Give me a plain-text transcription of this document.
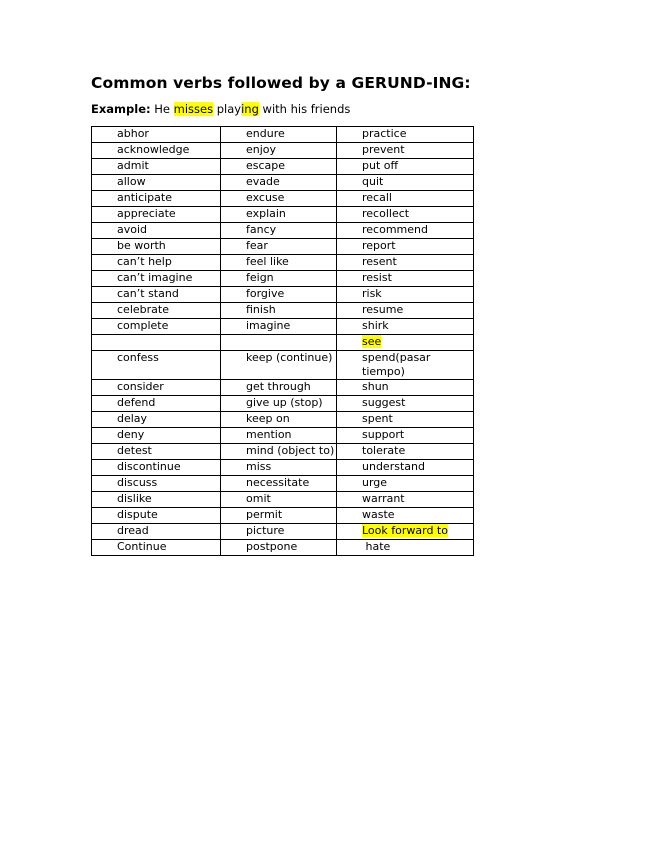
Common verbs followed by a GERUND-ING:
Example: He misses playing with his friends
abhor	endure	practice
acknowledge	enjoy	prevent
admit	escape	put off
allow	evade	quit
anticipate	excuse	recall
appreciate	explain	recollect
avoid	fancy	recommend
be worth	fear	report
can’t help	feel like	resent
can’t imagine	feign	resist
can’t stand	forgive	risk
celebrate	finish	resume
complete	imagine	shirk
		see
confess	keep (continue)	spend(pasar tiempo)
consider	get through	shun
defend	give up (stop)	suggest
delay	keep on	spent
deny	mention	support
detest	mind (object to)	tolerate
discontinue	miss	understand
discuss	necessitate	urge
dislike	omit	warrant
dispute	permit	waste
dread	picture	Look forward to
Continue	postpone	hate
